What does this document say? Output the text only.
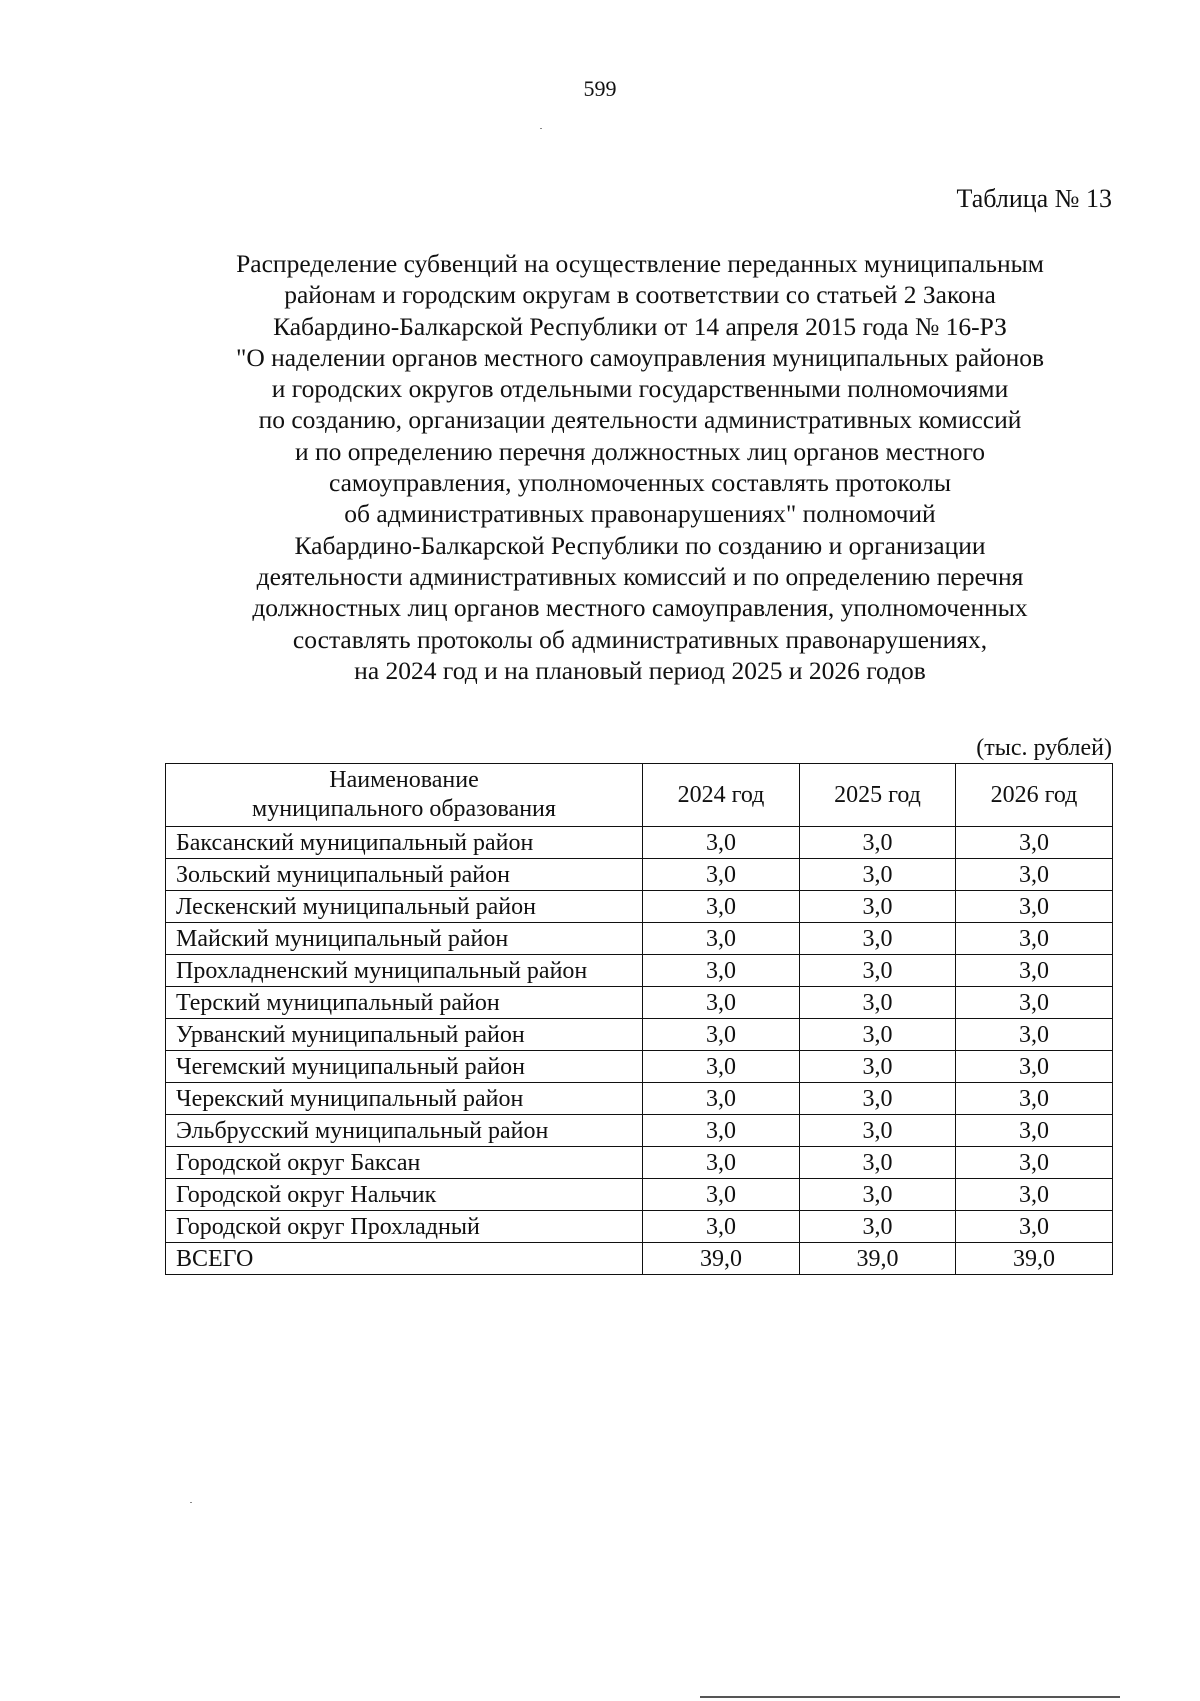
599
Таблица № 13
Распределение субвенций на осуществление переданных муниципальным
районам и городским округам в соответствии со статьей 2 Закона
Кабардино-Балкарской Республики от 14 апреля 2015 года № 16-РЗ
"О наделении органов местного самоуправления муниципальных районов
и городских округов отдельными государственными полномочиями
по созданию, организации деятельности административных комиссий
и по определению перечня должностных лиц органов местного
самоуправления, уполномоченных составлять протоколы
об административных правонарушениях" полномочий
Кабардино-Балкарской Республики по созданию и организации
деятельности административных комиссий и по определению перечня
должностных лиц органов местного самоуправления, уполномоченных
составлять протоколы об административных правонарушениях,
на 2024 год и на плановый период 2025 и 2026 годов
(тыс. рублей)
Наименование
муниципального образования	2024 год	2025 год	2026 год
Баксанский муниципальный район	3,0	3,0	3,0
Зольский муниципальный район	3,0	3,0	3,0
Лескенский муниципальный район	3,0	3,0	3,0
Майский муниципальный район	3,0	3,0	3,0
Прохладненский муниципальный район	3,0	3,0	3,0
Терский муниципальный район	3,0	3,0	3,0
Урванский муниципальный район	3,0	3,0	3,0
Чегемский муниципальный район	3,0	3,0	3,0
Черекский муниципальный район	3,0	3,0	3,0
Эльбрусский муниципальный район	3,0	3,0	3,0
Городской округ Баксан	3,0	3,0	3,0
Городской округ Нальчик	3,0	3,0	3,0
Городской округ Прохладный	3,0	3,0	3,0
ВСЕГО	39,0	39,0	39,0
